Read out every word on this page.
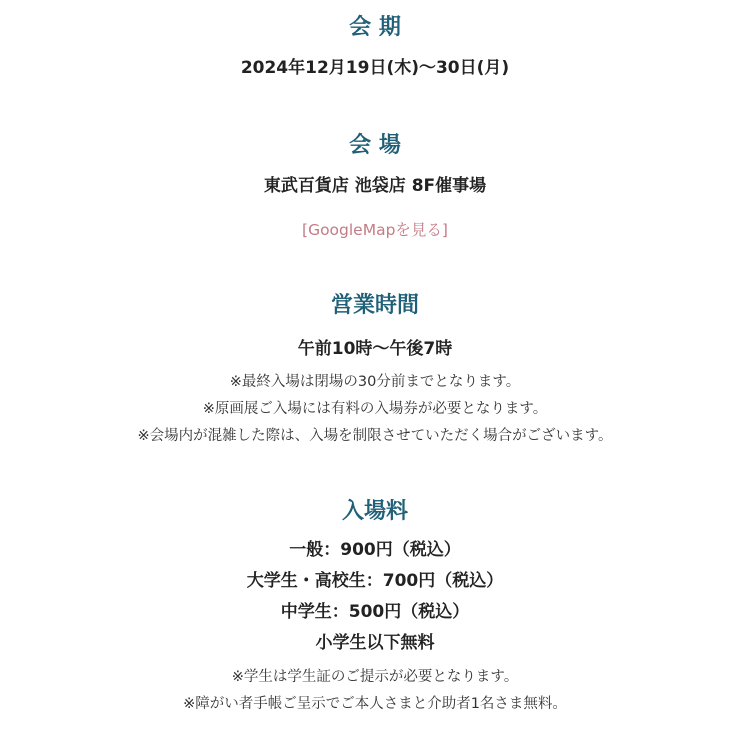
会 期
2024年12月19日(木)～30日(月)
会 場
東武百貨店 池袋店 8F催事場
[GoogleMapを見る]
営業時間
午前10時～午後7時
※最終入場は閉場の30分前までとなります。
※原画展ご入場には有料の入場券が必要となります。
※会場内が混雑した際は、入場を制限させていただく場合がございます。
入場料
一般：900円（税込）
大学生・高校生：700円（税込）
中学生：500円（税込）
小学生以下無料
※学生は学生証のご提示が必要となります。
※障がい者手帳ご呈示でご本人さまと介助者1名さま無料。
